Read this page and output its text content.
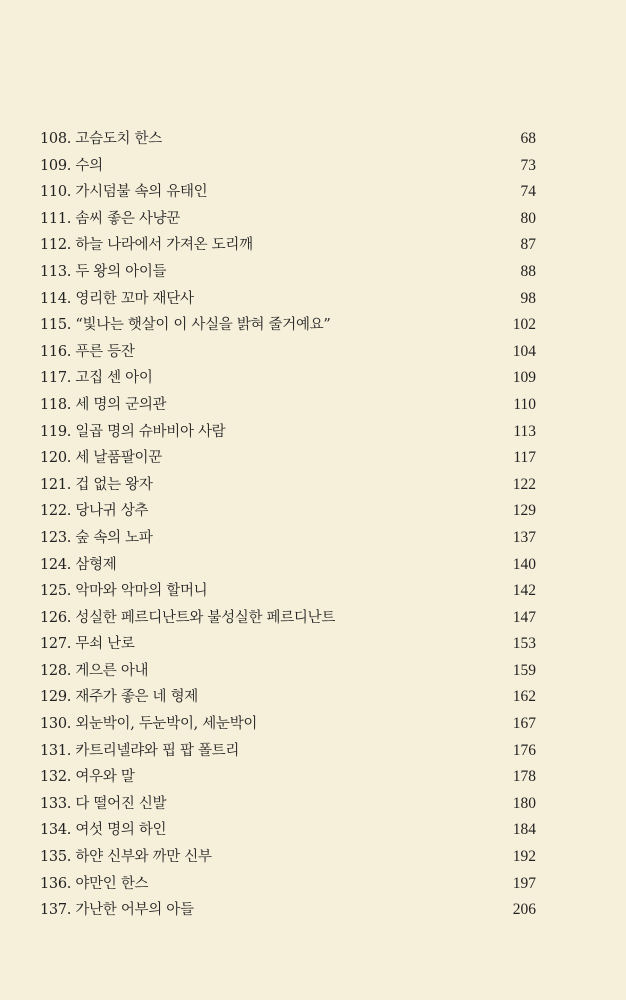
108. 고슴도치 한스	68
109. 수의	73
110. 가시덤불 속의 유태인	74
111. 솜씨 좋은 사냥꾼	80
112. 하늘 나라에서 가져온 도리깨	87
113. 두 왕의 아이들	88
114. 영리한 꼬마 재단사	98
115. “빛나는 햇살이 이 사실을 밝혀 줄거예요”	102
116. 푸른 등잔	104
117. 고집 센 아이	109
118. 세 명의 군의관	110
119. 일곱 명의 슈바비아 사람	113
120. 세 날품팔이꾼	117
121. 겁 없는 왕자	122
122. 당나귀 상추	129
123. 숲 속의 노파	137
124. 삼형제	140
125. 악마와 악마의 할머니	142
126. 성실한 페르디난트와 불성실한 페르디난트	147
127. 무쇠 난로	153
128. 게으른 아내	159
129. 재주가 좋은 네 형제	162
130. 외눈박이, 두눈박이, 세눈박이	167
131. 카트리넬랴와 핍 팝 폴트리	176
132. 여우와 말	178
133. 다 떨어진 신발	180
134. 여섯 명의 하인	184
135. 하얀 신부와 까만 신부	192
136. 야만인 한스	197
137. 가난한 어부의 아들	206
